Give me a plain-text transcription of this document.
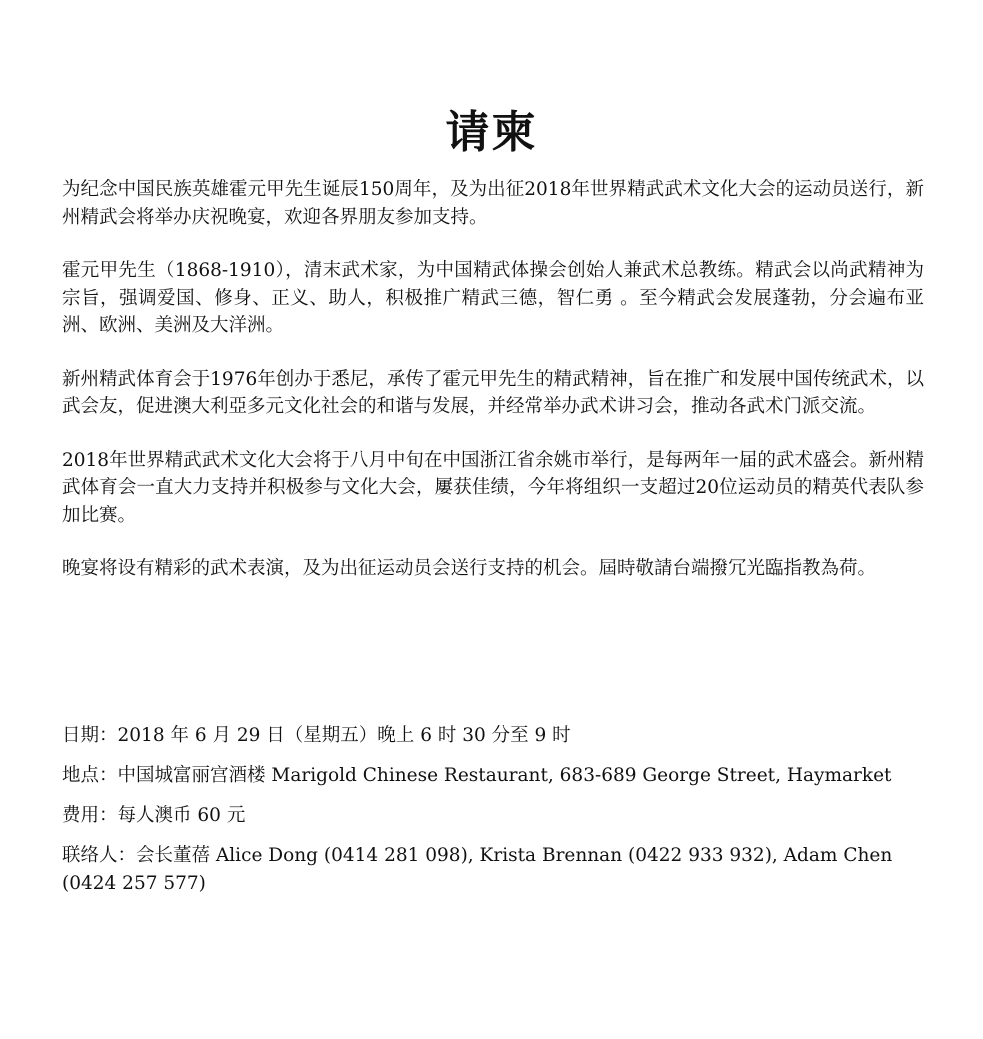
请柬

为纪念中国民族英雄霍元甲先生诞辰150周年，及为出征2018年世界精武武术文化大会的运动员送行，新州精武会将举办庆祝晚宴，欢迎各界朋友参加支持。

霍元甲先生（1868-1910），清末武术家，为中国精武体操会创始人兼武术总教练。精武会以尚武精神为宗旨，强调爱国、修身、正义、助人，积极推广精武三德，智仁勇 。至今精武会发展蓬勃，分会遍布亚洲、欧洲、美洲及大洋洲。

新州精武体育会于1976年创办于悉尼，承传了霍元甲先生的精武精神，旨在推广和发展中国传统武术，以武会友，促进澳大利亞多元文化社会的和谐与发展，并经常举办武术讲习会，推动各武术门派交流。

2018年世界精武武术文化大会将于八月中旬在中国浙江省余姚市举行，是每两年一届的武术盛会。新州精武体育会一直大力支持并积极参与文化大会，屢获佳绩，今年将组织一支超过20位运动员的精英代表队参加比赛。

晚宴将设有精彩的武术表演，及为出征运动员会送行支持的机会。屆時敬請台端撥冗光臨指教為荷。

日期：2018 年 6 月 29 日（星期五）晚上 6 时 30 分至 9 时

地点：中国城富丽宫酒楼 Marigold Chinese Restaurant, 683-689 George Street, Haymarket

费用：每人澳币 60 元

联络人：会长董蓓 Alice Dong (0414 281 098), Krista Brennan (0422 933 932), Adam Chen (0424 257 577)
